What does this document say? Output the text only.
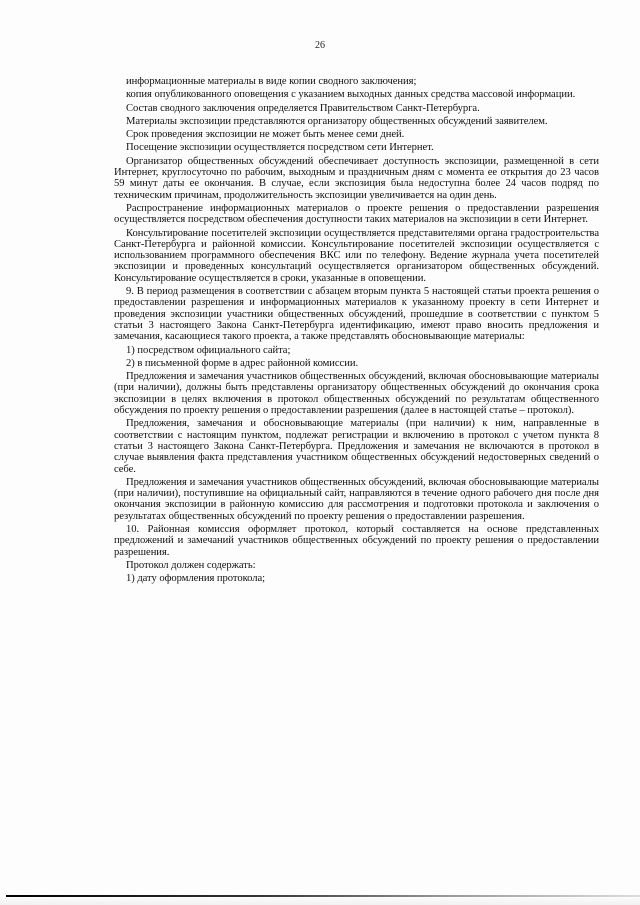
26

информационные материалы в виде копии сводного заключения;

копия опубликованного оповещения с указанием выходных данных средства массовой информации.

Состав сводного заключения определяется Правительством Санкт-Петербурга.

Материалы экспозиции представляются организатору общественных обсуждений заявителем.

Срок проведения экспозиции не может быть менее семи дней.

Посещение экспозиции осуществляется посредством сети Интернет.

Организатор общественных обсуждений обеспечивает доступность экспозиции, размещенной в сети Интернет, круглосуточно по рабочим, выходным и праздничным дням с момента ее открытия до 23 часов 59 минут даты ее окончания. В случае, если экспозиция была недоступна более 24 часов подряд по техническим причинам, продолжительность экспозиции увеличивается на один день.

Распространение информационных материалов о проекте решения о предоставлении разрешения осуществляется посредством обеспечения доступности таких материалов на экспозиции в сети Интернет.

Консультирование посетителей экспозиции осуществляется представителями органа градостроительства Санкт-Петербурга и районной комиссии. Консультирование посетителей экспозиции осуществляется с использованием программного обеспечения ВКС или по телефону. Ведение журнала учета посетителей экспозиции и проведенных консультаций осуществляется организатором общественных обсуждений. Консультирование осуществляется в сроки, указанные в оповещении.

9. В период размещения в соответствии с абзацем вторым пункта 5 настоящей статьи проекта решения о предоставлении разрешения и информационных материалов к указанному проекту в сети Интернет и проведения экспозиции участники общественных обсуждений, прошедшие в соответствии с пунктом 5 статьи 3 настоящего Закона Санкт-Петербурга идентификацию, имеют право вносить предложения и замечания, касающиеся такого проекта, а также представлять обосновывающие материалы:

1) посредством официального сайта;

2) в письменной форме в адрес районной комиссии.

Предложения и замечания участников общественных обсуждений, включая обосновывающие материалы (при наличии), должны быть представлены организатору общественных обсуждений до окончания срока экспозиции в целях включения в протокол общественных обсуждений по результатам общественного обсуждения по проекту решения о предоставлении разрешения (далее в настоящей статье – протокол).

Предложения, замечания и обосновывающие материалы (при наличии) к ним, направленные в соответствии с настоящим пунктом, подлежат регистрации и включению в протокол с учетом пункта 8 статьи 3 настоящего Закона Санкт-Петербурга. Предложения и замечания не включаются в протокол в случае выявления факта представления участником общественных обсуждений недостоверных сведений о себе.

Предложения и замечания участников общественных обсуждений, включая обосновывающие материалы (при наличии), поступившие на официальный сайт, направляются в течение одного рабочего дня после дня окончания экспозиции в районную комиссию для рассмотрения и подготовки протокола и заключения о результатах общественных обсуждений по проекту решения о предоставлении разрешения.

10. Районная комиссия оформляет протокол, который составляется на основе представленных предложений и замечаний участников общественных обсуждений по проекту решения о предоставлении разрешения.

Протокол должен содержать:

1) дату оформления протокола;
